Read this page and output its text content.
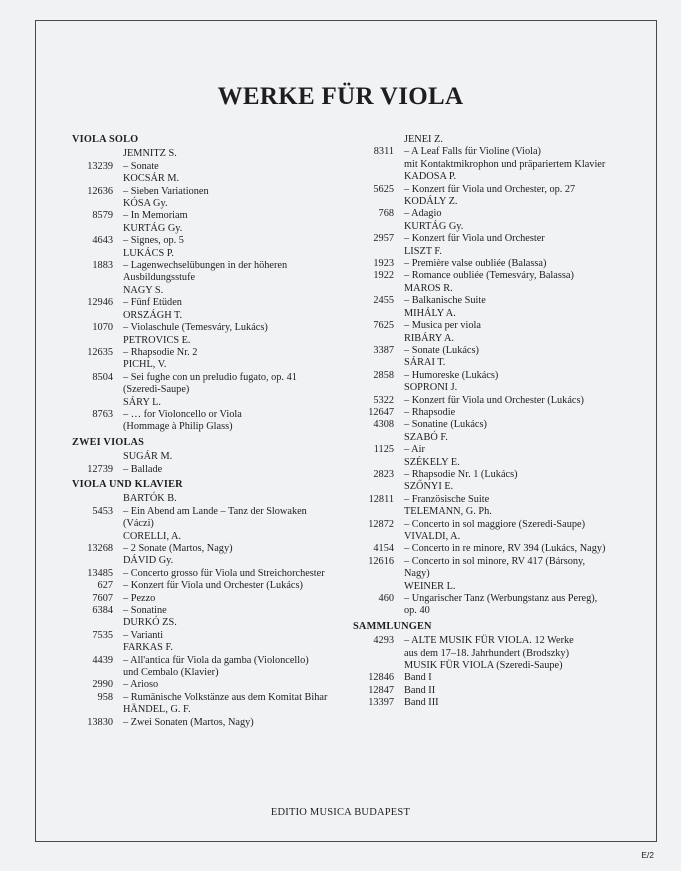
WERKE FÜR VIOLA
VIOLA SOLO
JEMNITZ S.
13239 – Sonate
KOCSÁR M.
12636 – Sieben Variationen
KÓSA Gy.
8579 – In Memoriam
KURTÁG Gy.
4643 – Signes, op. 5
LUKÁCS P.
1883 – Lagenwechselübungen in der höheren
Ausbildungsstufe
NAGY S.
12946 – Fünf Etüden
ORSZÁGH T.
1070 – Violaschule (Temesváry, Lukács)
PETROVICS E.
12635 – Rhapsodie Nr. 2
PICHL, V.
8504 – Sei fughe con un preludio fugato, op. 41
(Szeredi-Saupe)
SÁRY L.
8763 – … for Violoncello or Viola
(Hommage à Philip Glass)
ZWEI VIOLAS
SUGÁR M.
12739 – Ballade
VIOLA UND KLAVIER
BARTÓK B.
5453 – Ein Abend am Lande – Tanz der Slowaken
(Váczi)
CORELLI, A.
13268 – 2 Sonate (Martos, Nagy)
DÁVID Gy.
13485 – Concerto grosso für Viola und Streichorchester
627 – Konzert für Viola und Orchester (Lukács)
7607 – Pezzo
6384 – Sonatine
DURKÓ ZS.
7535 – Varianti
FARKAS F.
4439 – All'antica für Viola da gamba (Violoncello)
und Cembalo (Klavier)
2990 – Arioso
958 – Rumänische Volkstänze aus dem Komitat Bihar
HÄNDEL, G. F.
13830 – Zwei Sonaten (Martos, Nagy)
JENEI Z.
8311 – A Leaf Falls für Violine (Viola)
mit Kontaktmikrophon und präpariertem Klavier
KADOSA P.
5625 – Konzert für Viola und Orchester, op. 27
KODÁLY Z.
768 – Adagio
KURTÁG Gy.
2957 – Konzert für Viola und Orchester
LISZT F.
1923 – Première valse oubliée (Balassa)
1922 – Romance oubliée (Temesváry, Balassa)
MAROS R.
2455 – Balkanische Suite
MIHÁLY A.
7625 – Musica per viola
RIBÁRY A.
3387 – Sonate (Lukács)
SÁRAI T.
2858 – Humoreske (Lukács)
SOPRONI J.
5322 – Konzert für Viola und Orchester (Lukács)
12647 – Rhapsodie
4308 – Sonatine (Lukács)
SZABÓ F.
1125 – Air
SZÉKELY E.
2823 – Rhapsodie Nr. 1 (Lukács)
SZŐNYI E.
12811 – Französische Suite
TELEMANN, G. Ph.
12872 – Concerto in sol maggiore (Szeredi-Saupe)
VIVALDI, A.
4154 – Concerto in re minore, RV 394 (Lukács, Nagy)
12616 – Concerto in sol minore, RV 417 (Bársony,
Nagy)
WEINER L.
460 – Ungarischer Tanz (Werbungstanz aus Pereg),
op. 40
SAMMLUNGEN
4293 – ALTE MUSIK FÜR VIOLA. 12 Werke
aus dem 17–18. Jahrhundert (Brodszky)
MUSIK FÜR VIOLA (Szeredi-Saupe)
12846 Band I
12847 Band II
13397 Band III
EDITIO MUSICA BUDAPEST
E/2
